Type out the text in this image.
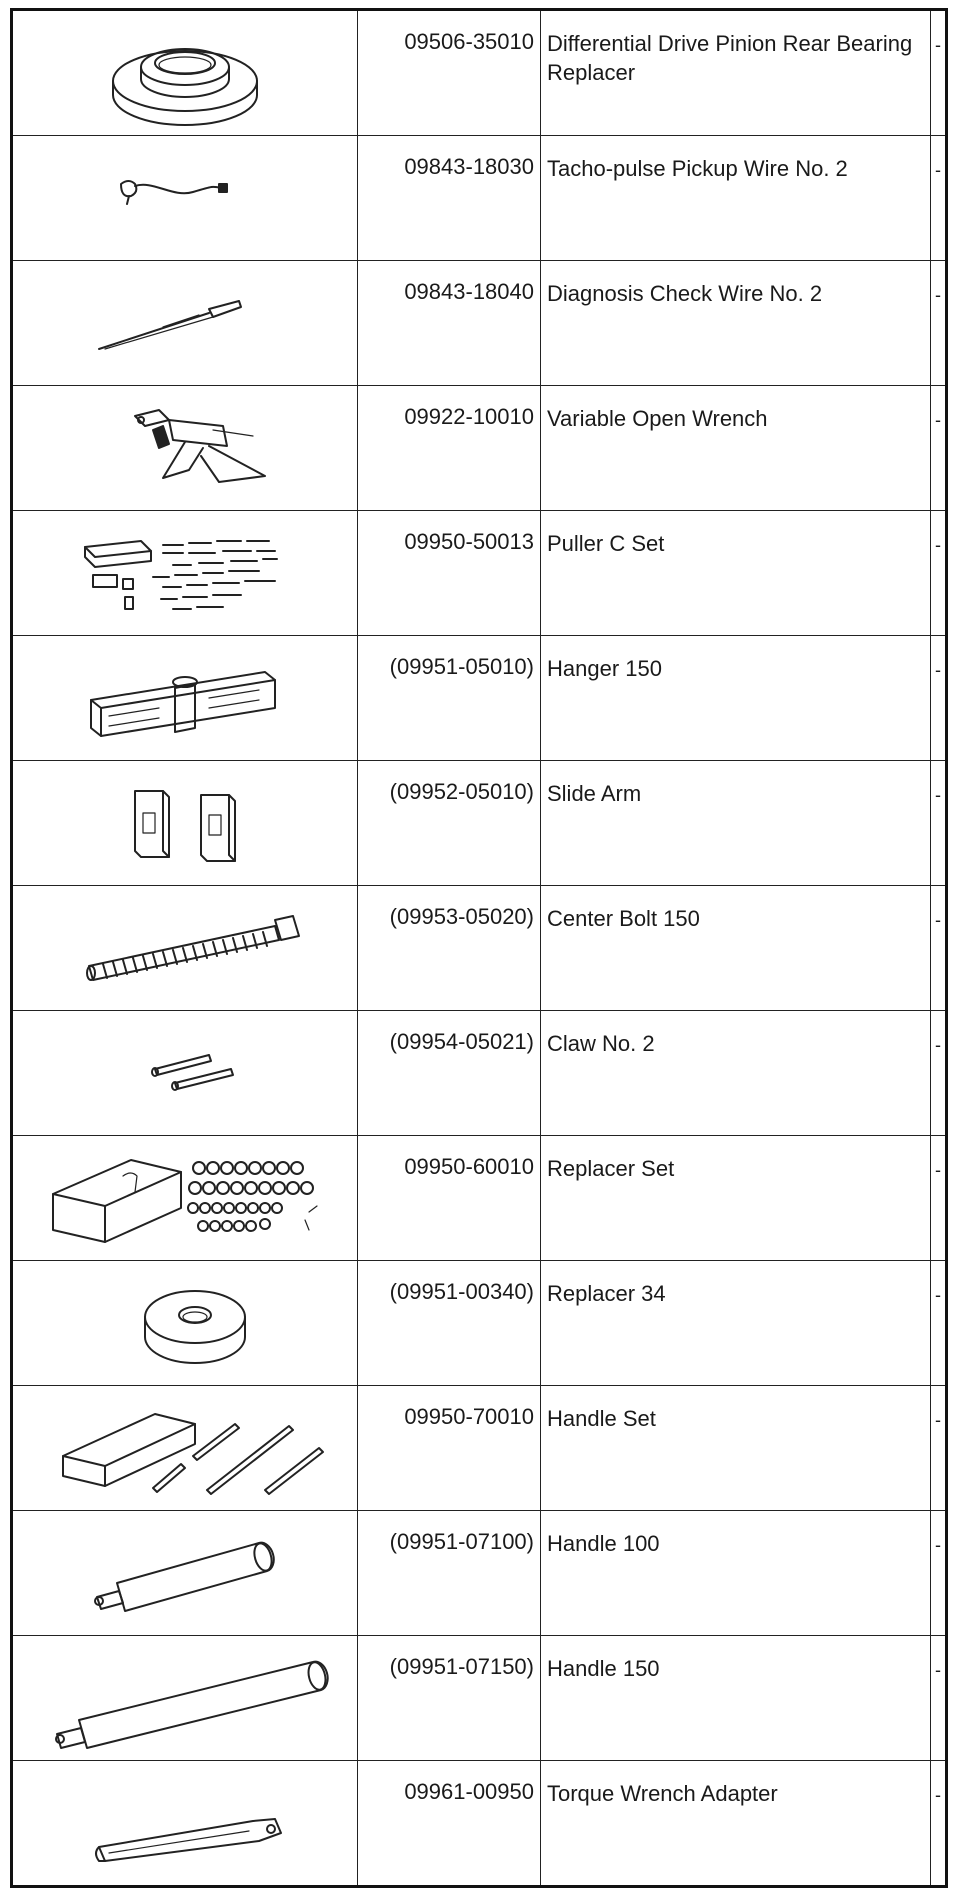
	09506-35010	Differential Drive Pinion Rear Bearing Replacer	-

	09843-18030	Tacho-pulse Pickup Wire No. 2	-

	09843-18040	Diagnosis Check Wire No. 2	-

	09922-10010	Variable Open Wrench	-

	09950-50013	Puller C Set	-

	(09951-05010)	Hanger 150	-

	(09952-05010)	Slide Arm	-

	(09953-05020)	Center Bolt 150	-

	(09954-05021)	Claw No. 2	-

	09950-60010	Replacer Set	-

	(09951-00340)	Replacer 34	-

	09950-70010	Handle Set	-

	(09951-07100)	Handle 100	-

	(09951-07150)	Handle 150	-

	09961-00950	Torque Wrench Adapter	-
